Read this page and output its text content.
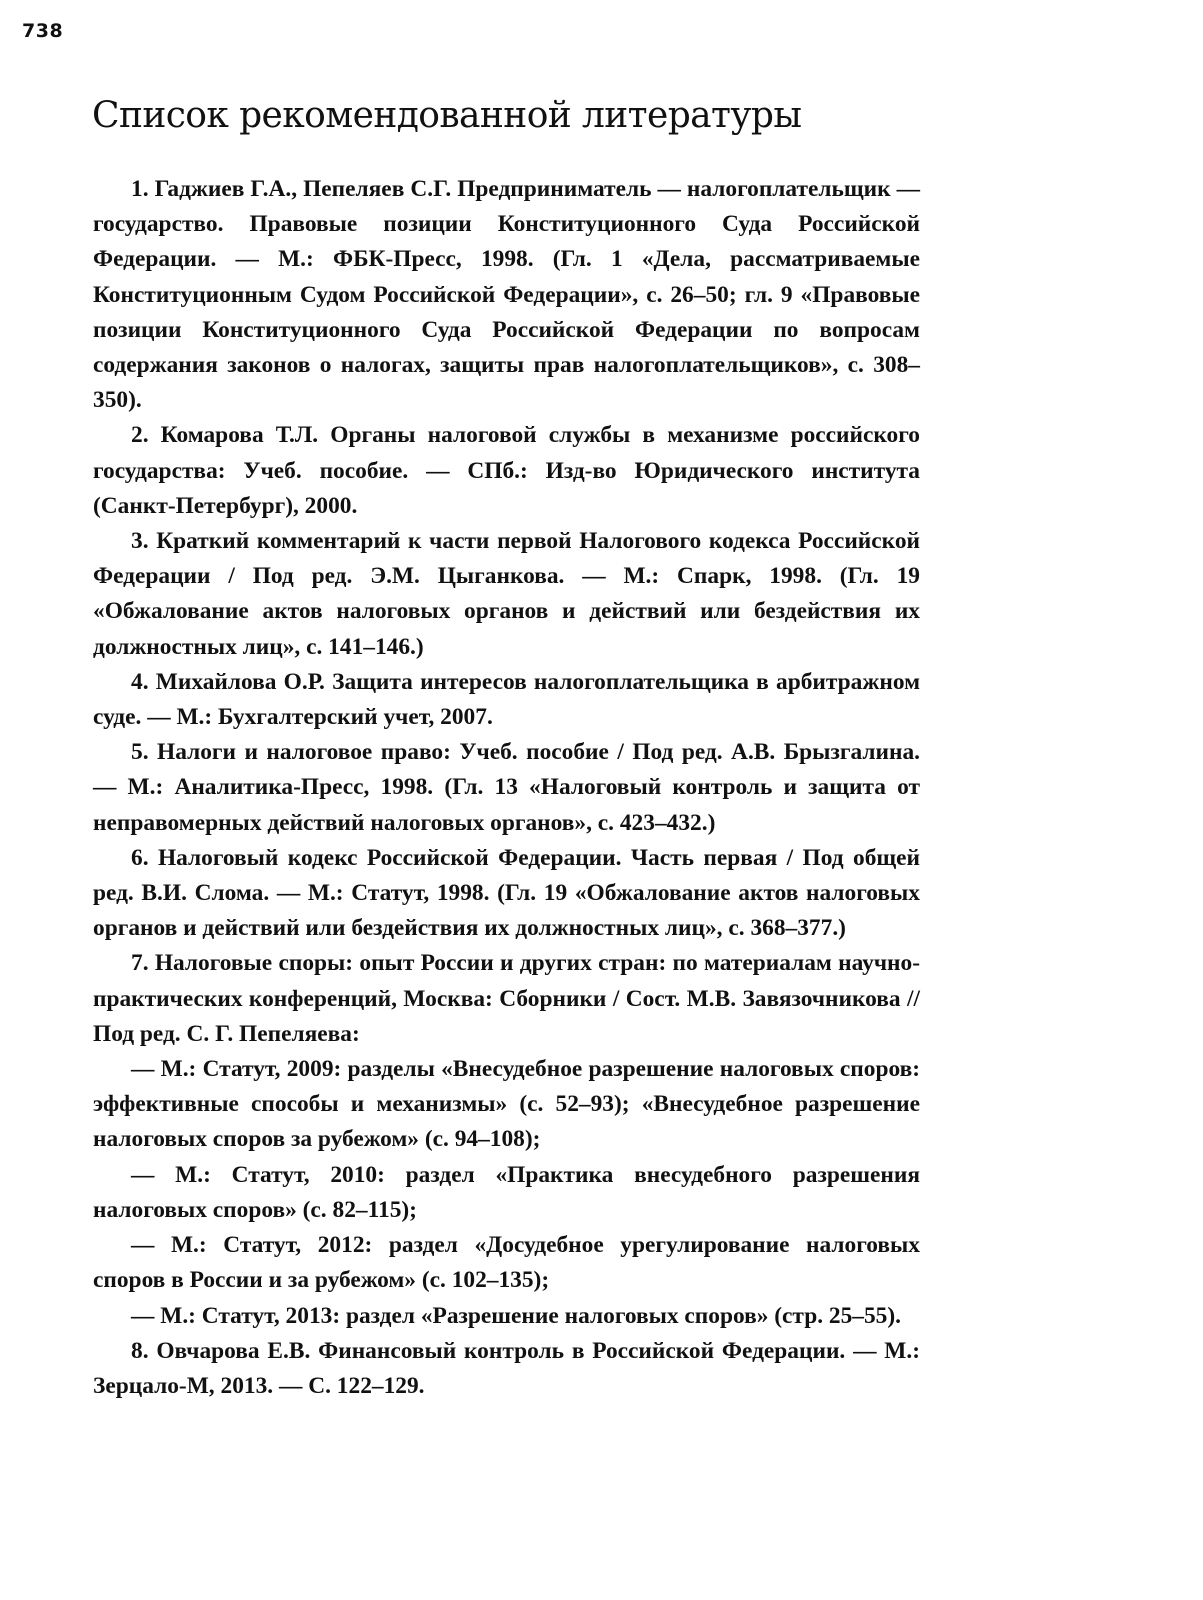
738
Список рекомендованной литературы

1. Гаджиев Г.А., Пепеляев С.Г. Предприниматель — налогоплательщик — государство. Правовые позиции Конституционного Суда Российской Федерации. — М.: ФБК-Пресс, 1998. (Гл. 1 «Дела, рассматриваемые Конституционным Судом Российской Федерации», с. 26–50; гл. 9 «Правовые позиции Конституционного Суда Российской Федерации по вопросам содержания законов о налогах, защиты прав налогоплательщиков», с. 308–350).

2. Комарова Т.Л. Органы налоговой службы в механизме российского государства: Учеб. пособие. — СПб.: Изд-во Юридического института (Санкт-Петербург), 2000.

3. Краткий комментарий к части первой Налогового кодекса Российской Федерации / Под ред. Э.М. Цыганкова. — М.: Спарк, 1998. (Гл. 19 «Обжалование актов налоговых органов и действий или бездействия их должностных лиц», с. 141–146.)

4. Михайлова О.Р. Защита интересов налогоплательщика в арбитражном суде. — М.: Бухгалтерский учет, 2007.

5. Налоги и налоговое право: Учеб. пособие / Под ред. А.В. Брызгалина. — М.: Аналитика-Пресс, 1998. (Гл. 13 «Налоговый контроль и защита от неправомерных действий налоговых органов», с. 423–432.)

6. Налоговый кодекс Российской Федерации. Часть первая / Под общей ред. В.И. Слома. — М.: Статут, 1998. (Гл. 19 «Обжалование актов налоговых органов и действий или бездействия их должностных лиц», с. 368–377.)

7. Налоговые споры: опыт России и других стран: по материалам научно-практических конференций, Москва: Сборники / Сост. М.В. Завязочникова // Под ред. С. Г. Пепеляева:

— М.: Статут, 2009: разделы «Внесудебное разрешение налоговых споров: эффективные способы и механизмы» (с. 52–93); «Внесудебное разрешение налоговых споров за рубежом» (с. 94–108);

— М.: Статут, 2010: раздел «Практика внесудебного разрешения налоговых споров» (с. 82–115);

— М.: Статут, 2012: раздел «Досудебное урегулирование налоговых споров в России и за рубежом» (с. 102–135);

— М.: Статут, 2013: раздел «Разрешение налоговых споров» (стр. 25–55).

8. Овчарова Е.В. Финансовый контроль в Российской Федерации. — М.: Зерцало-М, 2013. — С. 122–129.
